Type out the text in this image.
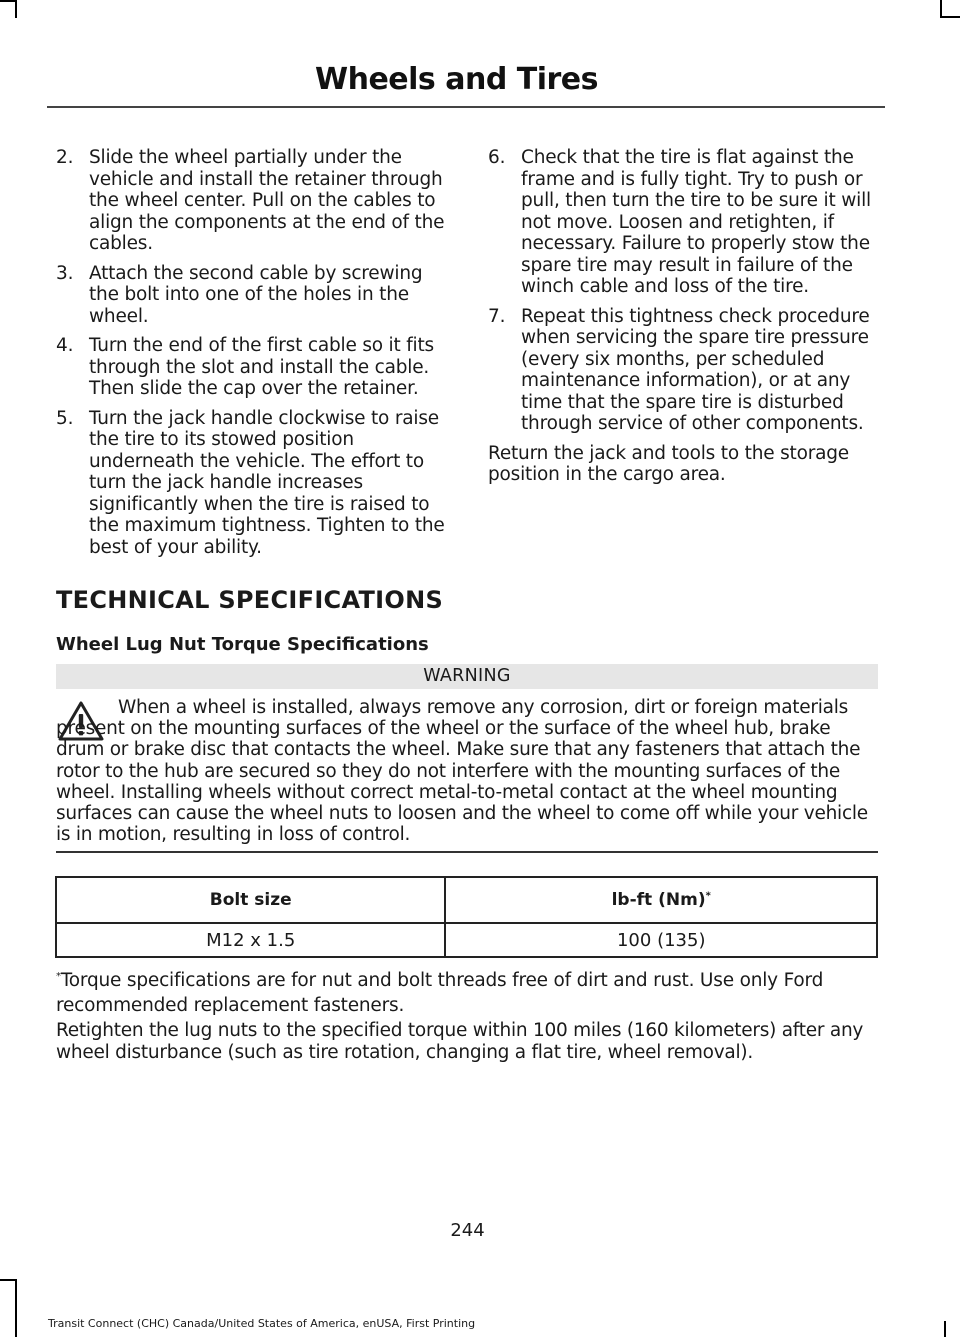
Wheels and Tires
2. Slide the wheel partially under the vehicle and install the retainer through the wheel center. Pull on the cables to align the components at the end of the cables.
3. Attach the second cable by screwing the bolt into one of the holes in the wheel.
4. Turn the end of the first cable so it fits through the slot and install the cable. Then slide the cap over the retainer.
5. Turn the jack handle clockwise to raise the tire to its stowed position underneath the vehicle. The effort to turn the jack handle increases significantly when the tire is raised to the maximum tightness. Tighten to the best of your ability.
6. Check that the tire is flat against the frame and is fully tight. Try to push or pull, then turn the tire to be sure it will not move. Loosen and retighten, if necessary. Failure to properly stow the spare tire may result in failure of the winch cable and loss of the tire.
7. Repeat this tightness check procedure when servicing the spare tire pressure (every six months, per scheduled maintenance information), or at any time that the spare tire is disturbed through service of other components.

Return the jack and tools to the storage position in the cargo area.

TECHNICAL SPECIFICATIONS
Wheel Lug Nut Torque Specifications
WARNING
When a wheel is installed, always remove any corrosion, dirt or foreign materials present on the mounting surfaces of the wheel or the surface of the wheel hub, brake drum or brake disc that contacts the wheel. Make sure that any fasteners that attach the rotor to the hub are secured so they do not interfere with the mounting surfaces of the wheel. Installing wheels without correct metal-to-metal contact at the wheel mounting surfaces can cause the wheel nuts to loosen and the wheel to come off while your vehicle is in motion, resulting in loss of control.
Bolt size	lb-ft (Nm)*
M12 x 1.5	100 (135)
*Torque specifications are for nut and bolt threads free of dirt and rust. Use only Ford recommended replacement fasteners.
Retighten the lug nuts to the specified torque within 100 miles (160 kilometers) after any wheel disturbance (such as tire rotation, changing a flat tire, wheel removal).
244
Transit Connect (CHC) Canada/United States of America, enUSA, First Printing
